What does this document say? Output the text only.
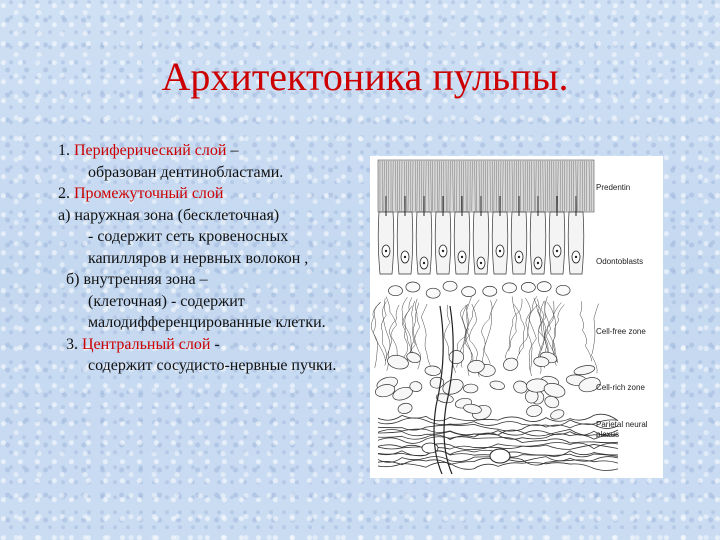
Архитектоника пульпы.

1. Периферический слой –

образован дентинобластами.

2. Промежуточный слой

а) наружная зона (бесклеточная)

- содержит сеть кровеносных капилляров и нервных волокон ,

б) внутренняя зона –

(клеточная) - содержит малодифференцированные клетки.

3. Центральный слой -

содержит сосудисто-нервные пучки.

Predentin
Odontoblasts
Cell-free zone
Cell-rich zone
Parietal neural
plexus
